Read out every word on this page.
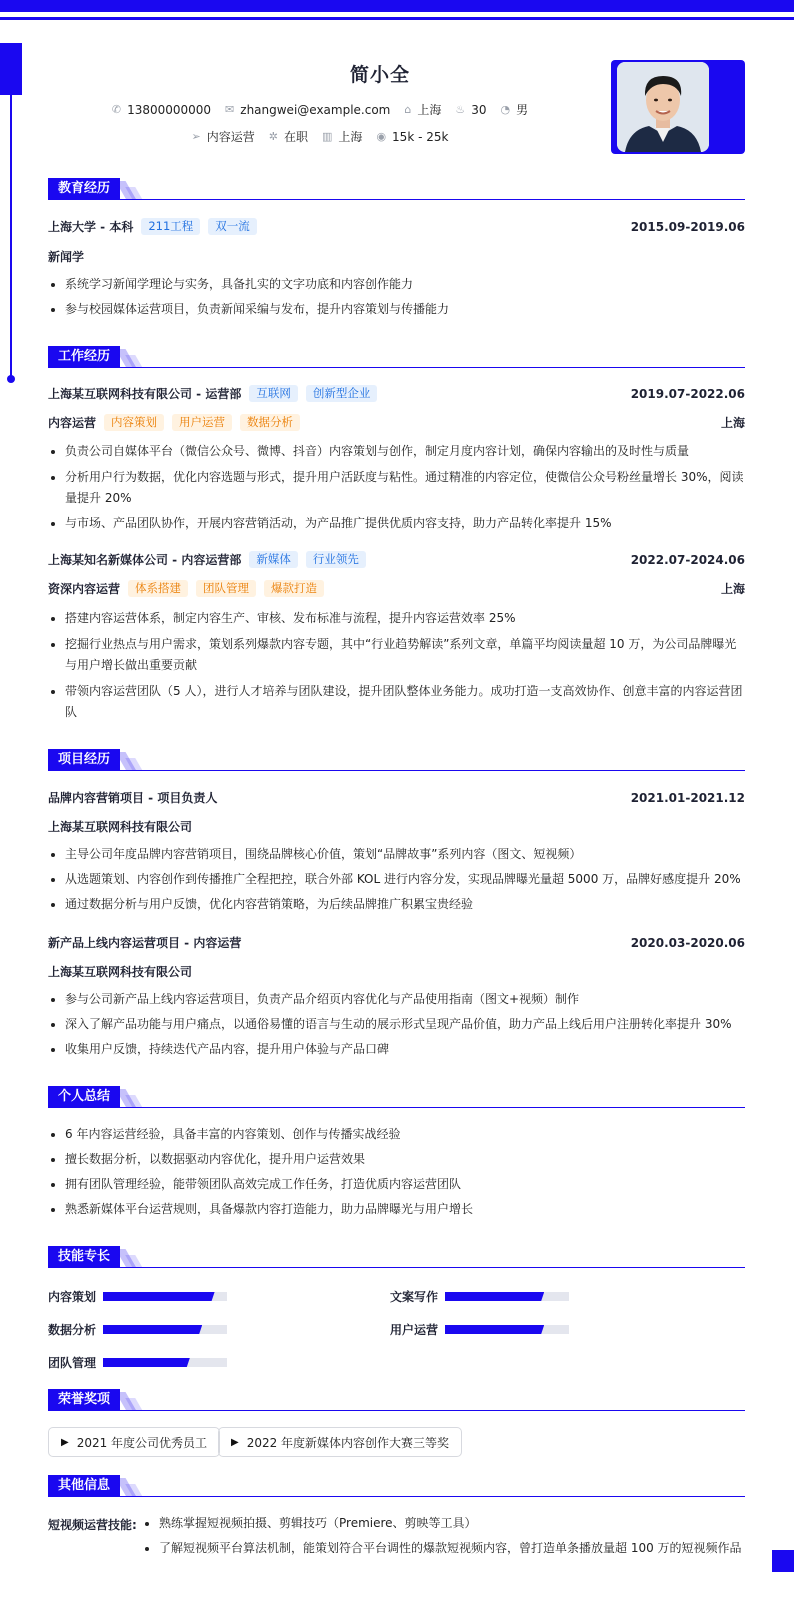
简小全
✆ 13800000000 ✉ zhangwei@example.com ⌂ 上海 ♨ 30 ◔ 男
➢ 内容运营 ✲ 在职 ▥ 上海 ◉ 15k - 25k
教育经历
上海大学 - 本科	211工程	双一流	2015.09-2019.06
新闻学
系统学习新闻学理论与实务，具备扎实的文字功底和内容创作能力
参与校园媒体运营项目，负责新闻采编与发布，提升内容策划与传播能力
工作经历
上海某互联网科技有限公司 - 运营部	互联网	创新型企业	2019.07-2022.06
内容运营	内容策划	用户运营	数据分析	上海
负责公司自媒体平台（微信公众号、微博、抖音）内容策划与创作，制定月度内容计划，确保内容输出的及时性与质量
分析用户行为数据，优化内容选题与形式，提升用户活跃度与粘性。通过精准的内容定位，使微信公众号粉丝量增长 30%，阅读量提升 20%
与市场、产品团队协作，开展内容营销活动，为产品推广提供优质内容支持，助力产品转化率提升 15%
上海某知名新媒体公司 - 内容运营部	新媒体	行业领先	2022.07-2024.06
资深内容运营	体系搭建	团队管理	爆款打造	上海
搭建内容运营体系，制定内容生产、审核、发布标准与流程，提升内容运营效率 25%
挖掘行业热点与用户需求，策划系列爆款内容专题，其中“行业趋势解读”系列文章，单篇平均阅读量超 10 万，为公司品牌曝光与用户增长做出重要贡献
带领内容运营团队（5 人），进行人才培养与团队建设，提升团队整体业务能力。成功打造一支高效协作、创意丰富的内容运营团队
项目经历
品牌内容营销项目 - 项目负责人	2021.01-2021.12
上海某互联网科技有限公司
主导公司年度品牌内容营销项目，围绕品牌核心价值，策划“品牌故事”系列内容（图文、短视频）
从选题策划、内容创作到传播推广全程把控，联合外部 KOL 进行内容分发，实现品牌曝光量超 5000 万，品牌好感度提升 20%
通过数据分析与用户反馈，优化内容营销策略，为后续品牌推广积累宝贵经验
新产品上线内容运营项目 - 内容运营	2020.03-2020.06
上海某互联网科技有限公司
参与公司新产品上线内容运营项目，负责产品介绍页内容优化与产品使用指南（图文+视频）制作
深入了解产品功能与用户痛点，以通俗易懂的语言与生动的展示形式呈现产品价值，助力产品上线后用户注册转化率提升 30%
收集用户反馈，持续迭代产品内容，提升用户体验与产品口碑
个人总结
6 年内容运营经验，具备丰富的内容策划、创作与传播实战经验
擅长数据分析，以数据驱动内容优化，提升用户运营效果
拥有团队管理经验，能带领团队高效完成工作任务，打造优质内容运营团队
熟悉新媒体平台运营规则，具备爆款内容打造能力，助力品牌曝光与用户增长
技能专长
内容策划	文案写作
数据分析	用户运营
团队管理
荣誉奖项
▶ 2021 年度公司优秀员工 ▶ 2022 年度新媒体内容创作大赛三等奖
其他信息
短视频运营技能:	熟练掌握短视频拍摄、剪辑技巧（Premiere、剪映等工具）
了解短视频平台算法机制，能策划符合平台调性的爆款短视频内容，曾打造单条播放量超 100 万的短视频作品
